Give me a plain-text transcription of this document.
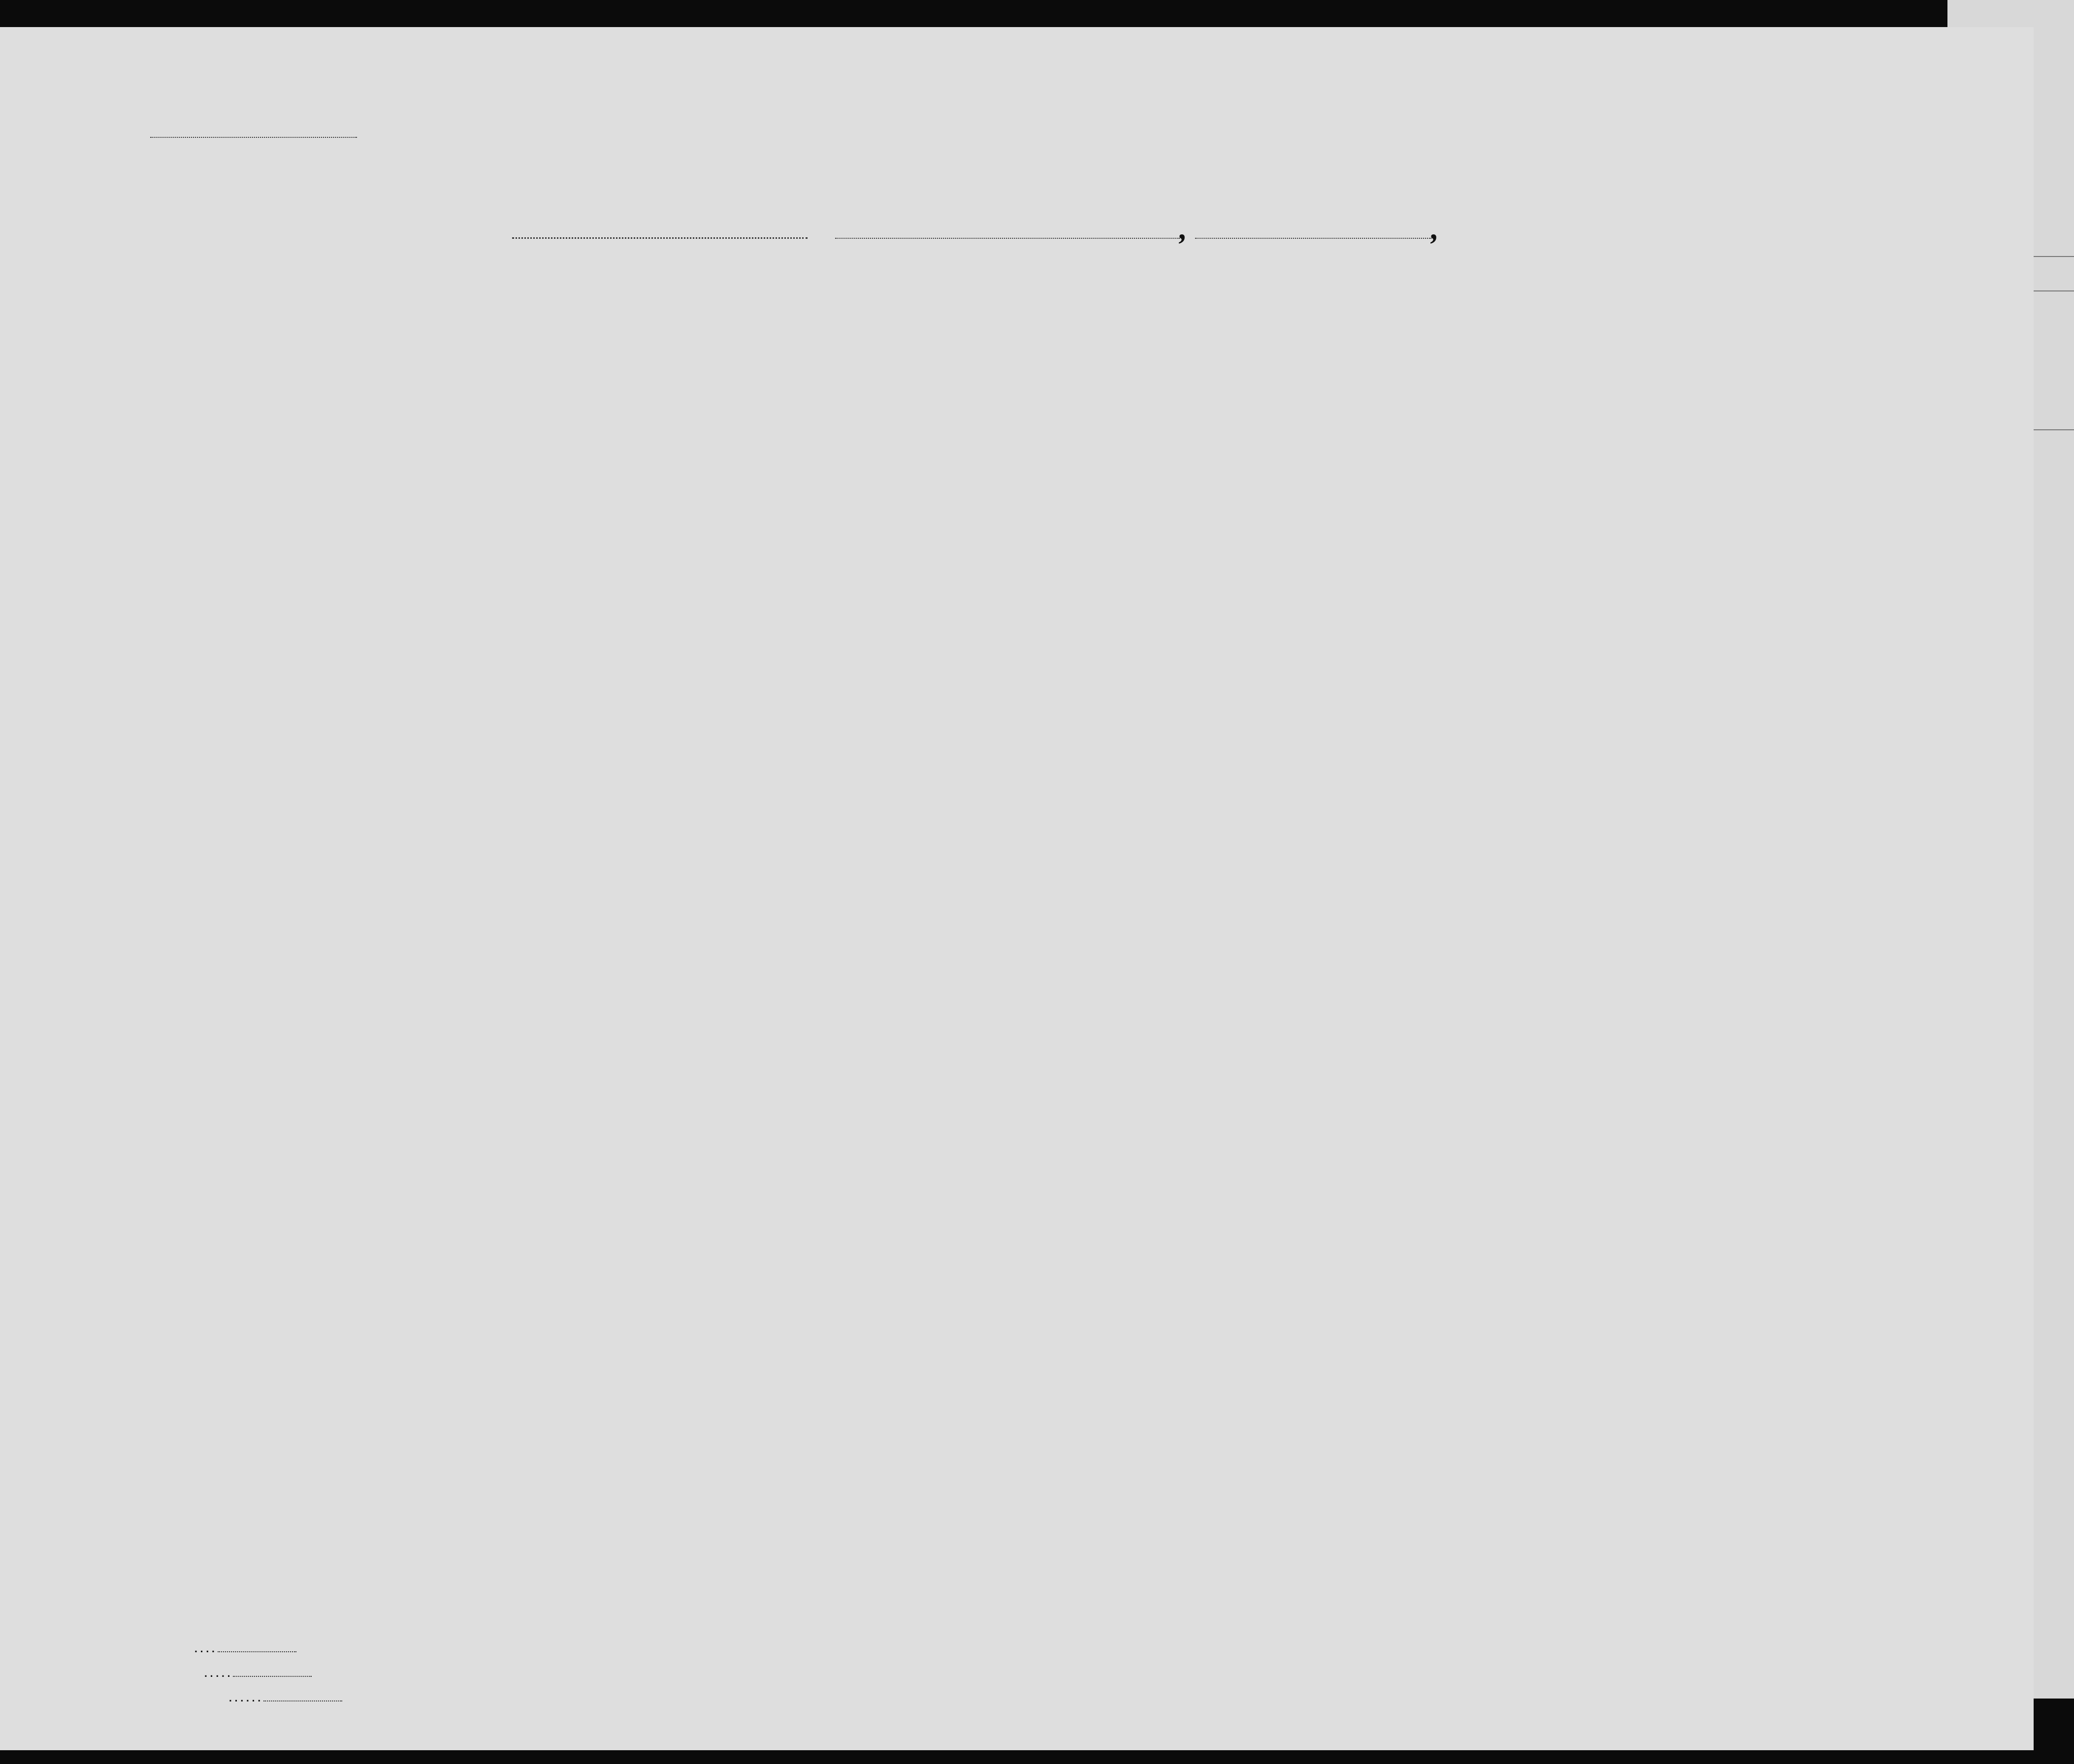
,	,
. . . .
. . . . .
. . . . . .
